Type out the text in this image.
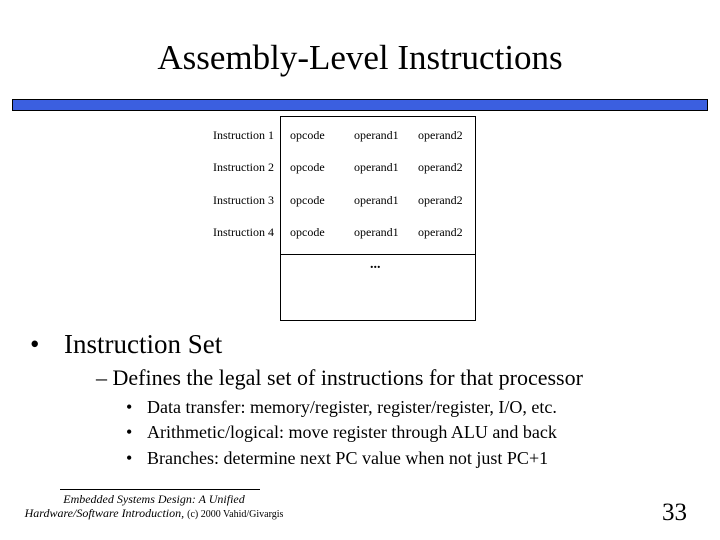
Assembly-Level Instructions
Instruction 1 opcode operand1 operand2
Instruction 2 opcode operand1 operand2
Instruction 3 opcode operand1 operand2
Instruction 4 opcode operand1 operand2
...
• Instruction Set
– Defines the legal set of instructions for that processor
• Data transfer: memory/register, register/register, I/O, etc.
• Arithmetic/logical: move register through ALU and back
• Branches: determine next PC value when not just PC+1
Embedded Systems Design: A Unified
Hardware/Software Introduction, (c) 2000 Vahid/Givargis	33
